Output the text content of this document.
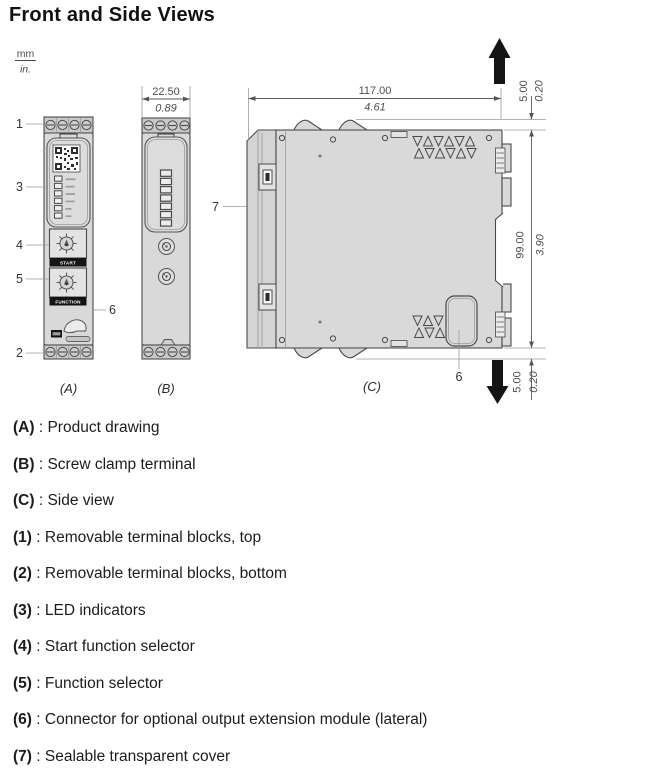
Front and Side Views
mm
in.
START
FUNCTION
(A)
1
3
4
5
2
6
7
22.50
0.89
(B)
6
(C)
117.00
4.61
5.00 0.20
99.00 3.90
5.00 0.20
(A) : Product drawing
(B) : Screw clamp terminal
(C) : Side view
(1) : Removable terminal blocks, top
(2) : Removable terminal blocks, bottom
(3) : LED indicators
(4) : Start function selector
(5) : Function selector
(6) : Connector for optional output extension module (lateral)
(7) : Sealable transparent cover
